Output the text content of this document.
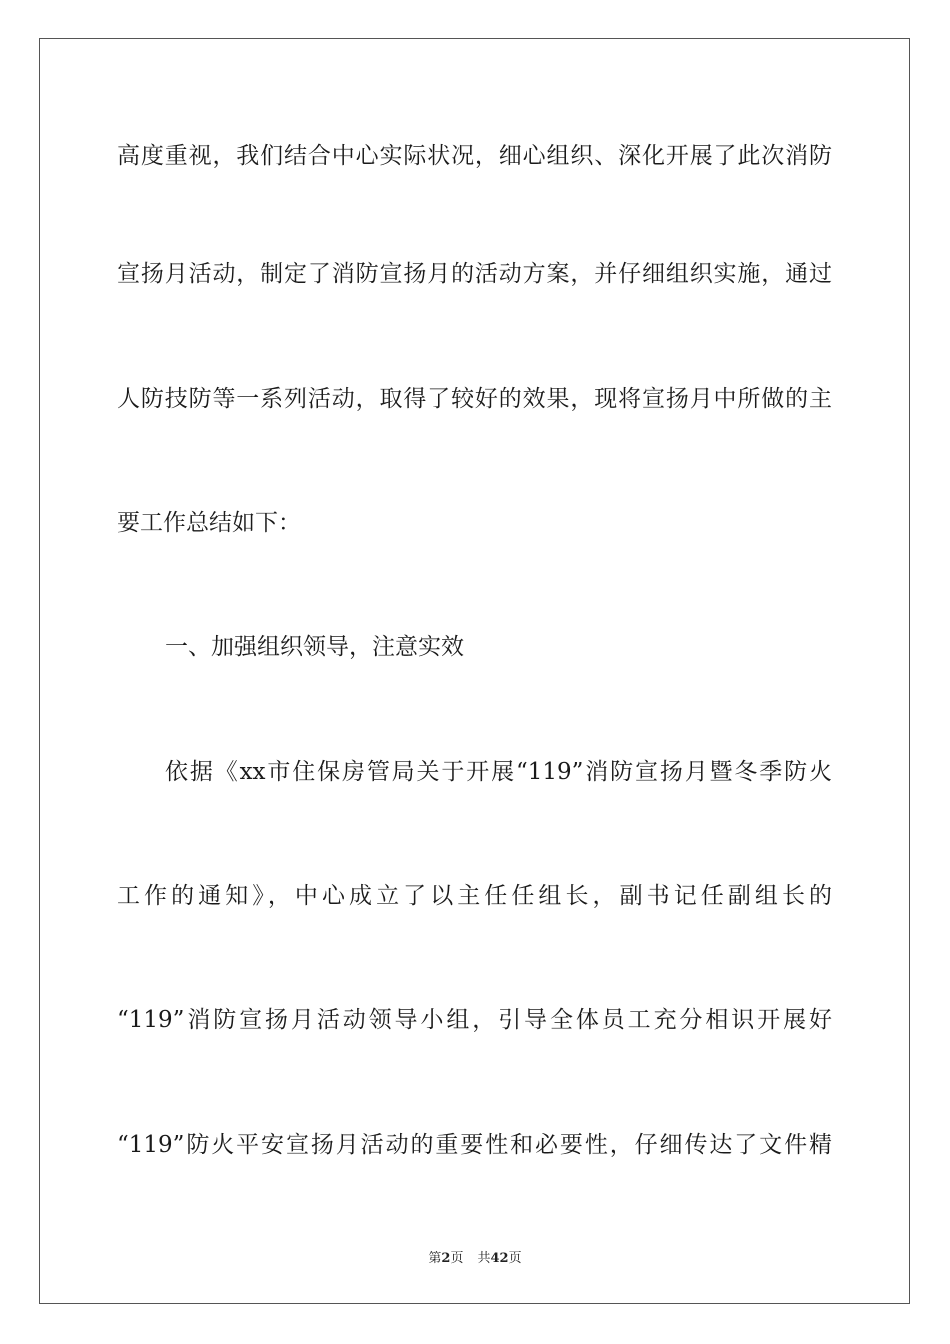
高度重视，我们结合中心实际状况，细心组织、深化开展了此次消防
宣扬月活动，制定了消防宣扬月的活动方案，并仔细组织实施，通过
人防技防等一系列活动，取得了较好的效果，现将宣扬月中所做的主
要工作总结如下：
一、加强组织领导，注意实效
依据《xx市住保房管局关于开展“119”消防宣扬月暨冬季防火
工作的通知》，中心成立了以主任任组长，副书记任副组长的
“119”消防宣扬月活动领导小组，引导全体员工充分相识开展好
“119”防火平安宣扬月活动的重要性和必要性，仔细传达了文件精
第2页 共42页
